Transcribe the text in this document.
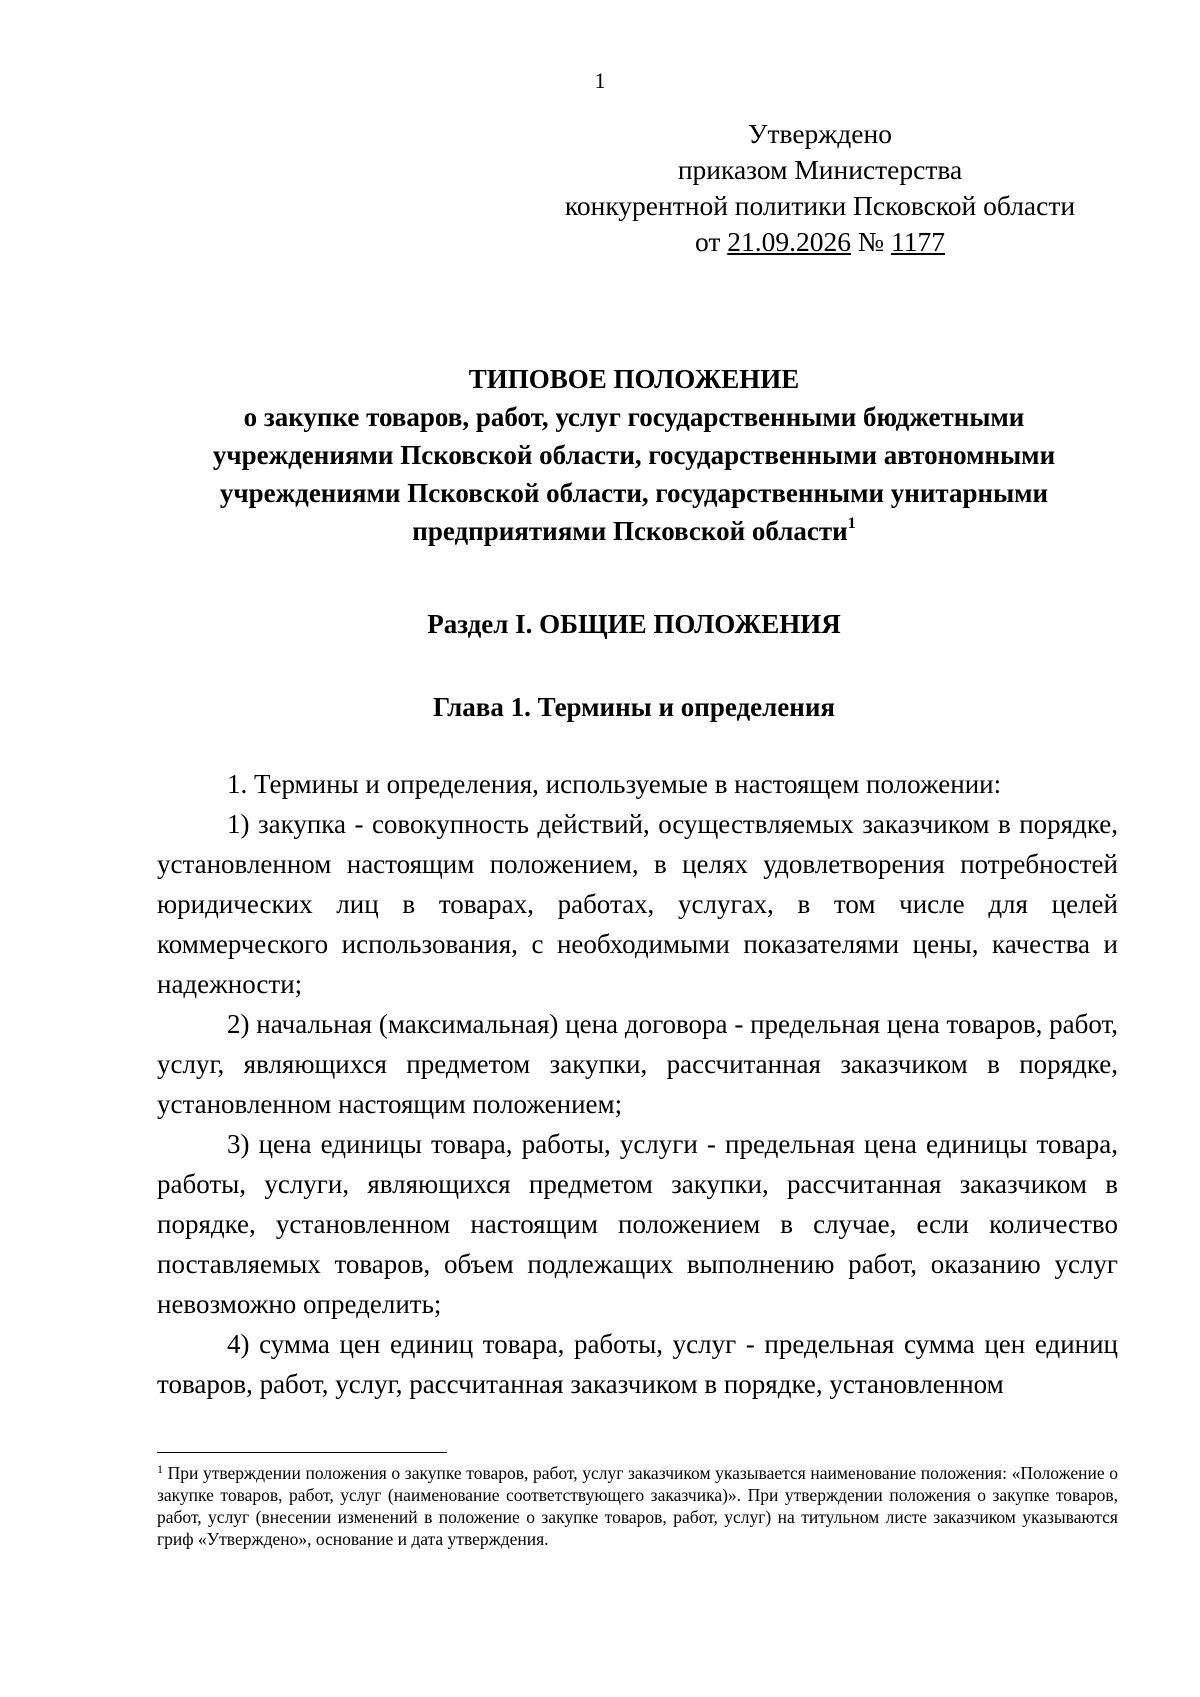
1
Утверждено
приказом Министерства
конкурентной политики Псковской области
от 21.09.2026 № 1177
ТИПОВОЕ ПОЛОЖЕНИЕ
о закупке товаров, работ, услуг государственными бюджетными учреждениями Псковской области, государственными автономными учреждениями Псковской области, государственными унитарными предприятиями Псковской области$^1$
Раздел I. ОБЩИЕ ПОЛОЖЕНИЯ
Глава 1. Термины и определения

1. Термины и определения, используемые в настоящем положении:

1) закупка - совокупность действий, осуществляемых заказчиком в порядке, установленном настоящим положением, в целях удовлетворения потребностей юридических лиц в товарах, работах, услугах, в том числе для целей коммерческого использования, с необходимыми показателями цены, качества и надежности;

2) начальная (максимальная) цена договора - предельная цена товаров, работ, услуг, являющихся предметом закупки, рассчитанная заказчиком в порядке, установленном настоящим положением;

3) цена единицы товара, работы, услуги - предельная цена единицы товара, работы, услуги, являющихся предметом закупки, рассчитанная заказчиком в порядке, установленном настоящим положением в случае, если количество поставляемых товаров, объем подлежащих выполнению работ, оказанию услуг невозможно определить;

4) сумма цен единиц товара, работы, услуг - предельная сумма цен единиц товаров, работ, услуг, рассчитанная заказчиком в порядке, установленном

$^1$ При утверждении положения о закупке товаров, работ, услуг заказчиком указывается наименование положения: «Положение о закупке товаров, работ, услуг (наименование соответствующего заказчика)». При утверждении положения о закупке товаров, работ, услуг (внесении изменений в положение о закупке товаров, работ, услуг) на титульном листе заказчиком указываются гриф «Утверждено», основание и дата утверждения.
